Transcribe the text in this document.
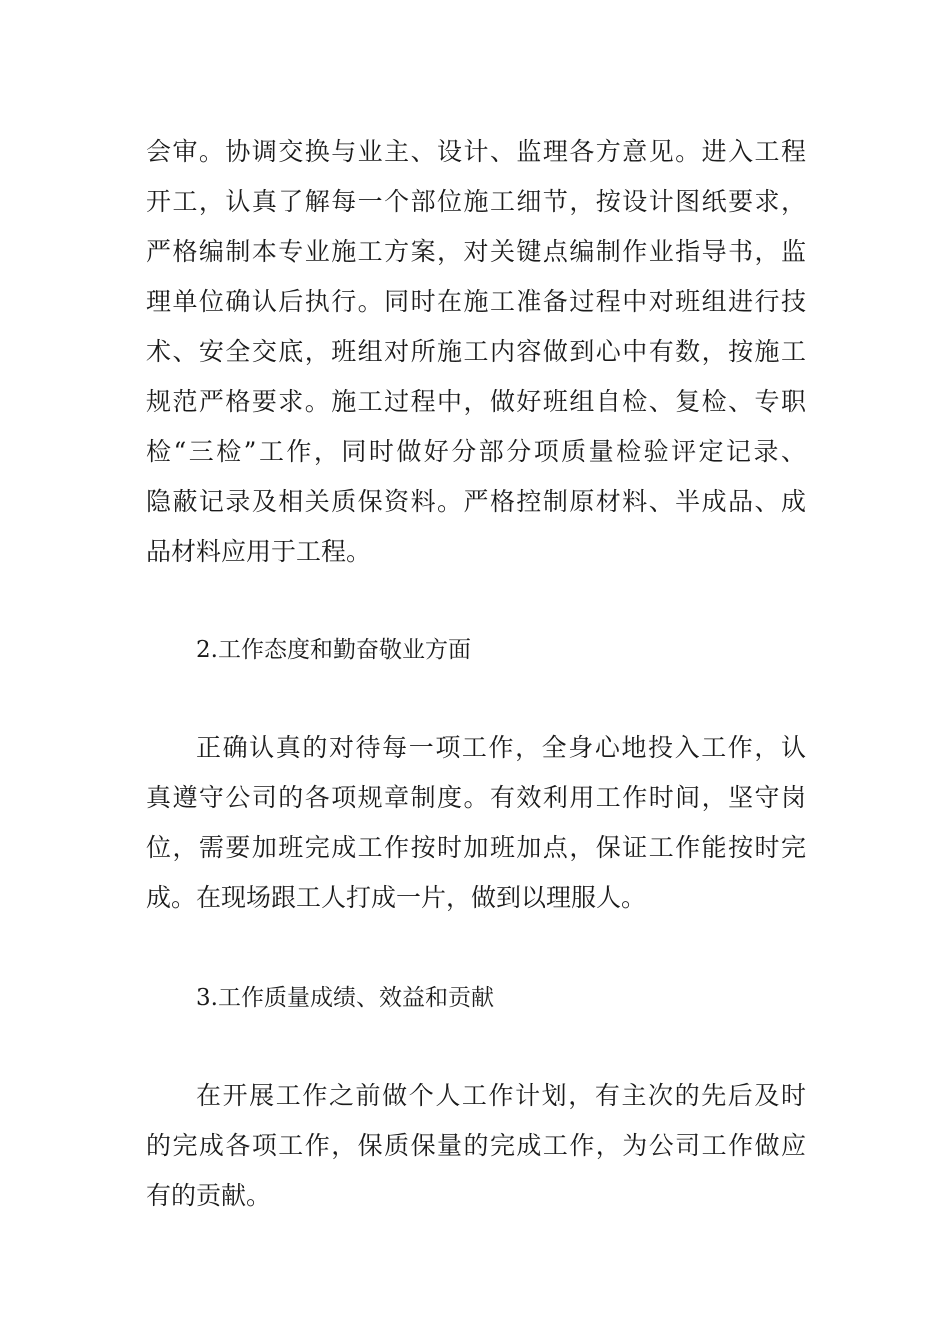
会审。协调交换与业主、设计、监理各方意见。进入工程
开工，认真了解每一个部位施工细节，按设计图纸要求，
严格编制本专业施工方案，对关键点编制作业指导书，监
理单位确认后执行。同时在施工准备过程中对班组进行技
术、安全交底，班组对所施工内容做到心中有数，按施工
规范严格要求。施工过程中，做好班组自检、复检、专职
检“三检”工作，同时做好分部分项质量检验评定记录、
隐蔽记录及相关质保资料。严格控制原材料、半成品、成
品材料应用于工程。
2.工作态度和勤奋敬业方面
正确认真的对待每一项工作，全身心地投入工作，认
真遵守公司的各项规章制度。有效利用工作时间，坚守岗
位，需要加班完成工作按时加班加点，保证工作能按时完
成。在现场跟工人打成一片，做到以理服人。
3.工作质量成绩、效益和贡献
在开展工作之前做个人工作计划，有主次的先后及时
的完成各项工作，保质保量的完成工作，为公司工作做应
有的贡献。
